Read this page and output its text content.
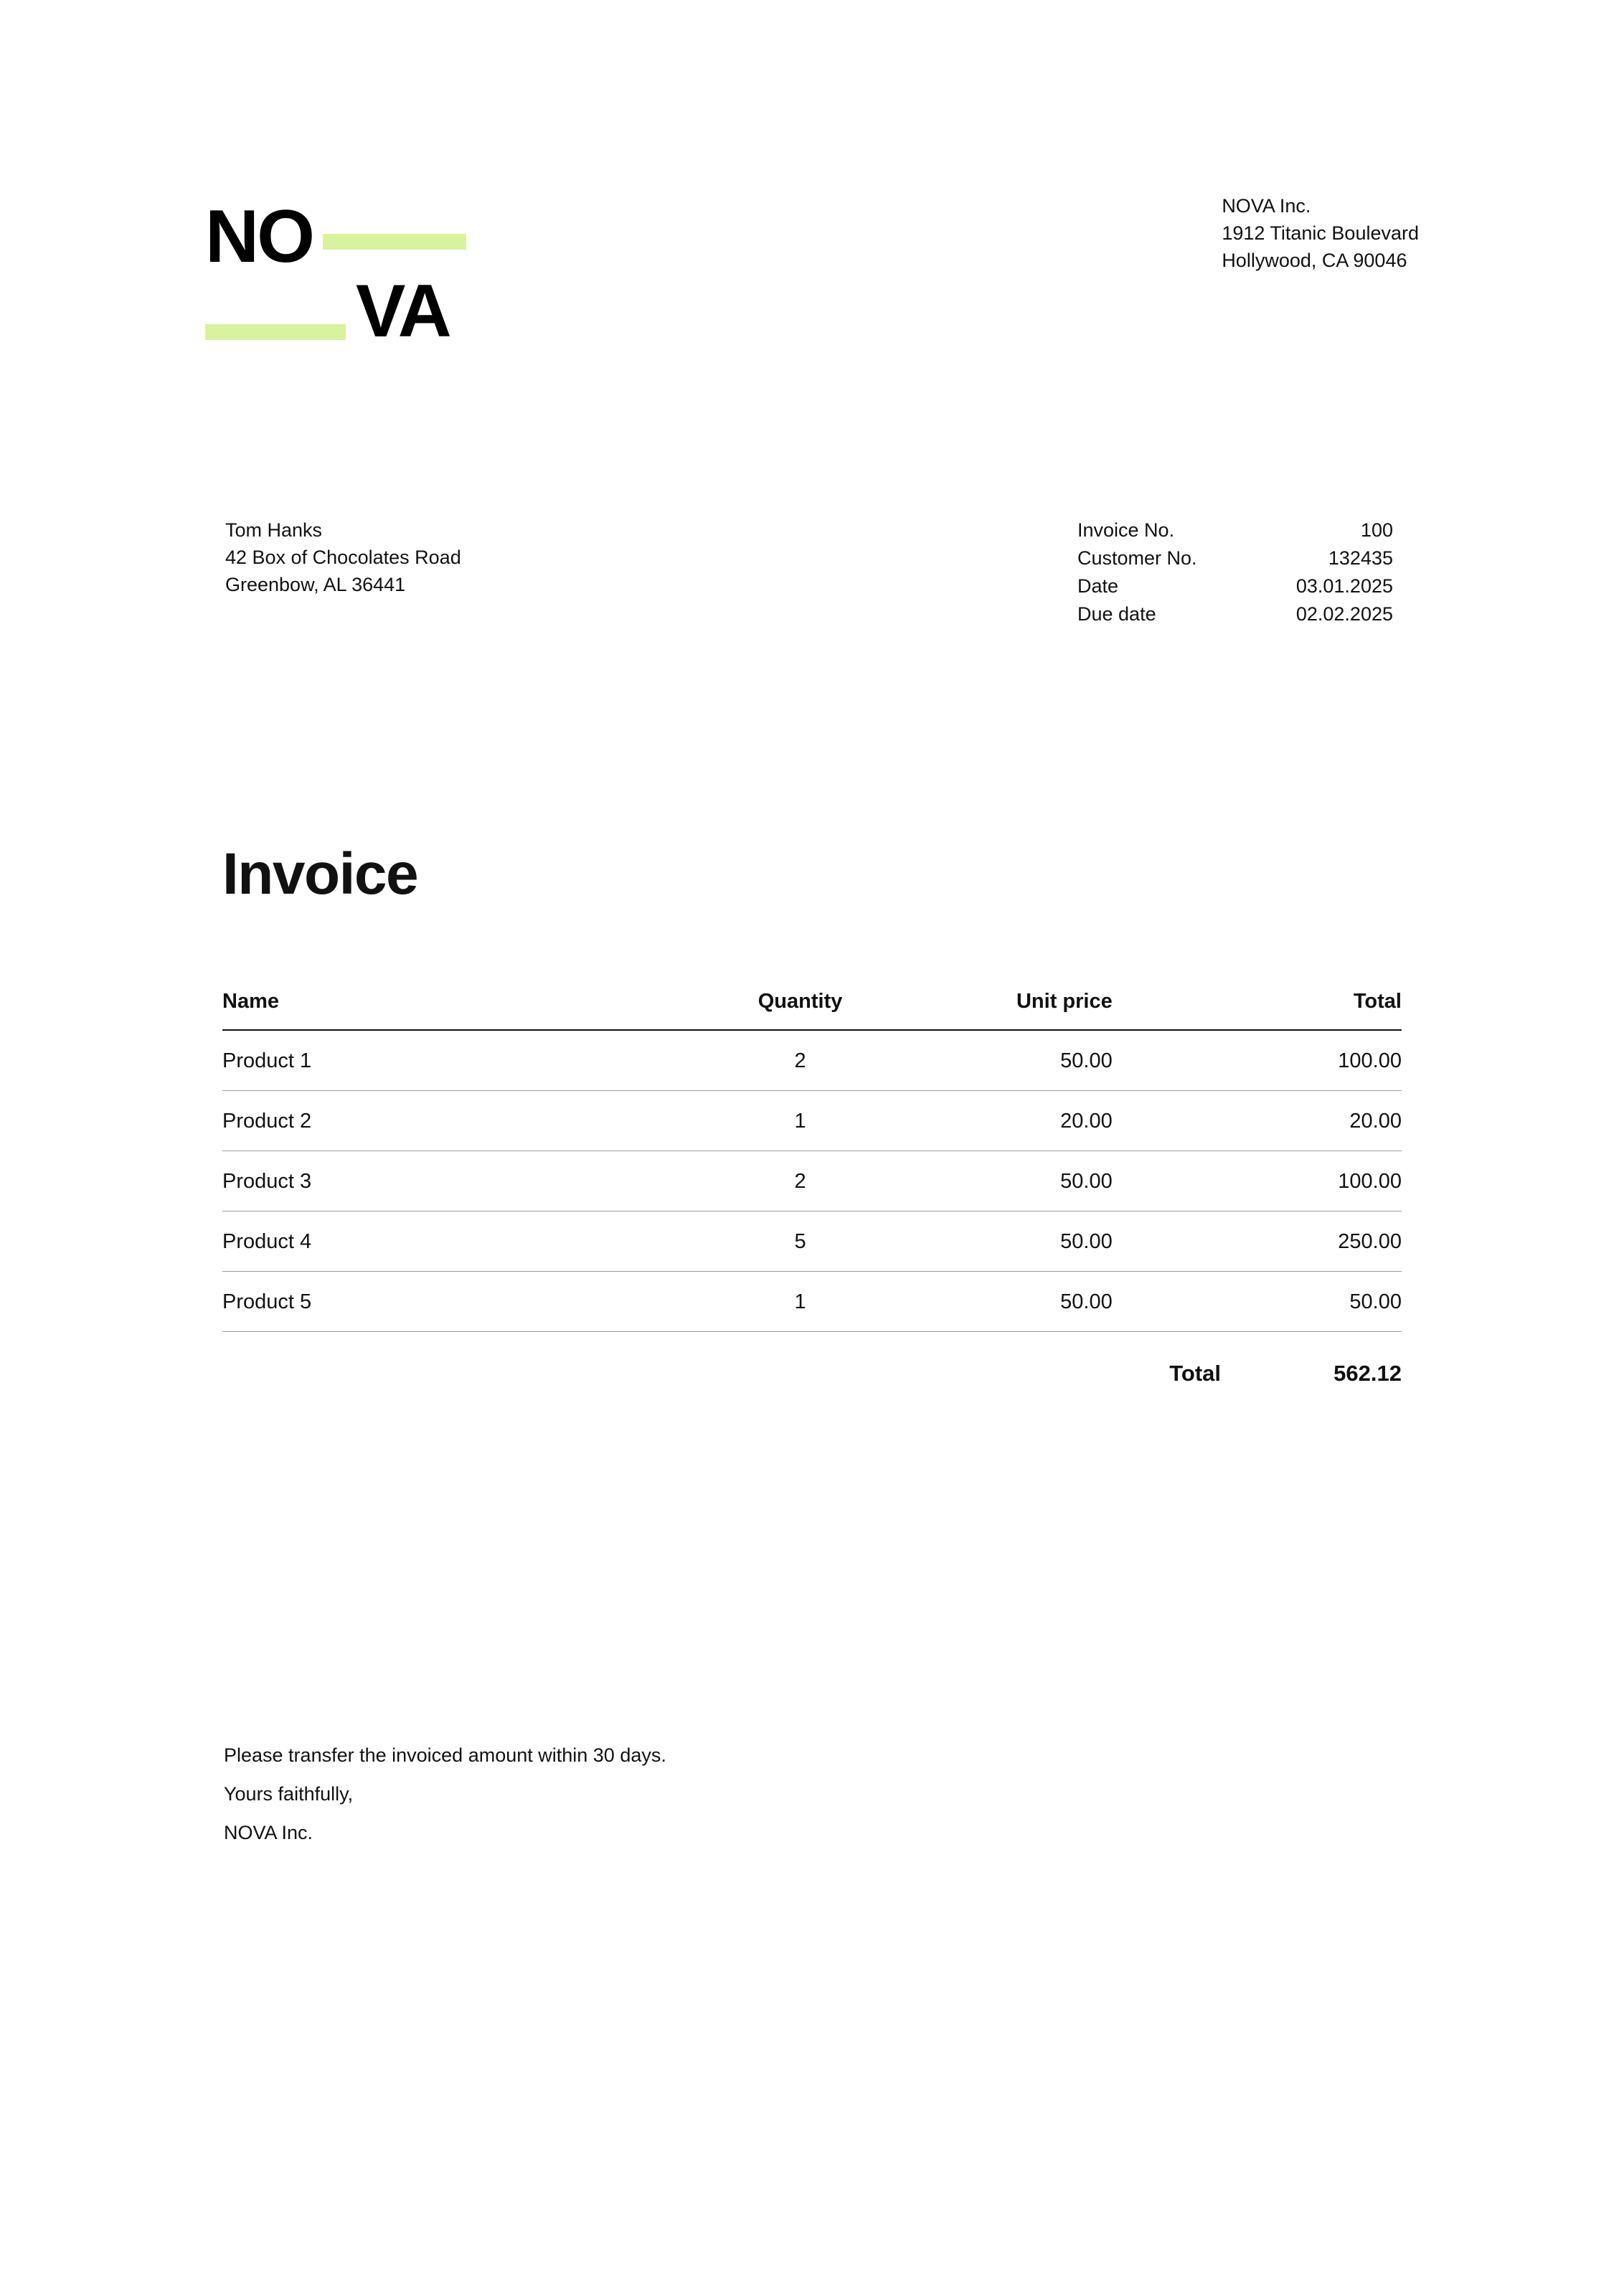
NO
VA
NOVA Inc.
1912 Titanic Boulevard
Hollywood, CA 90046
Tom Hanks
42 Box of Chocolates Road
Greenbow, AL 36441
Invoice No.	100
Customer No.	132435
Date	03.01.2025
Due date	02.02.2025
Invoice
Name	Quantity	Unit price	Total
Product 1	2	50.00	100.00
Product 2	1	20.00	20.00
Product 3	2	50.00	100.00
Product 4	5	50.00	250.00
Product 5	1	50.00	50.00
Total	562.12
Please transfer the invoiced amount within 30 days.
Yours faithfully,
NOVA Inc.
